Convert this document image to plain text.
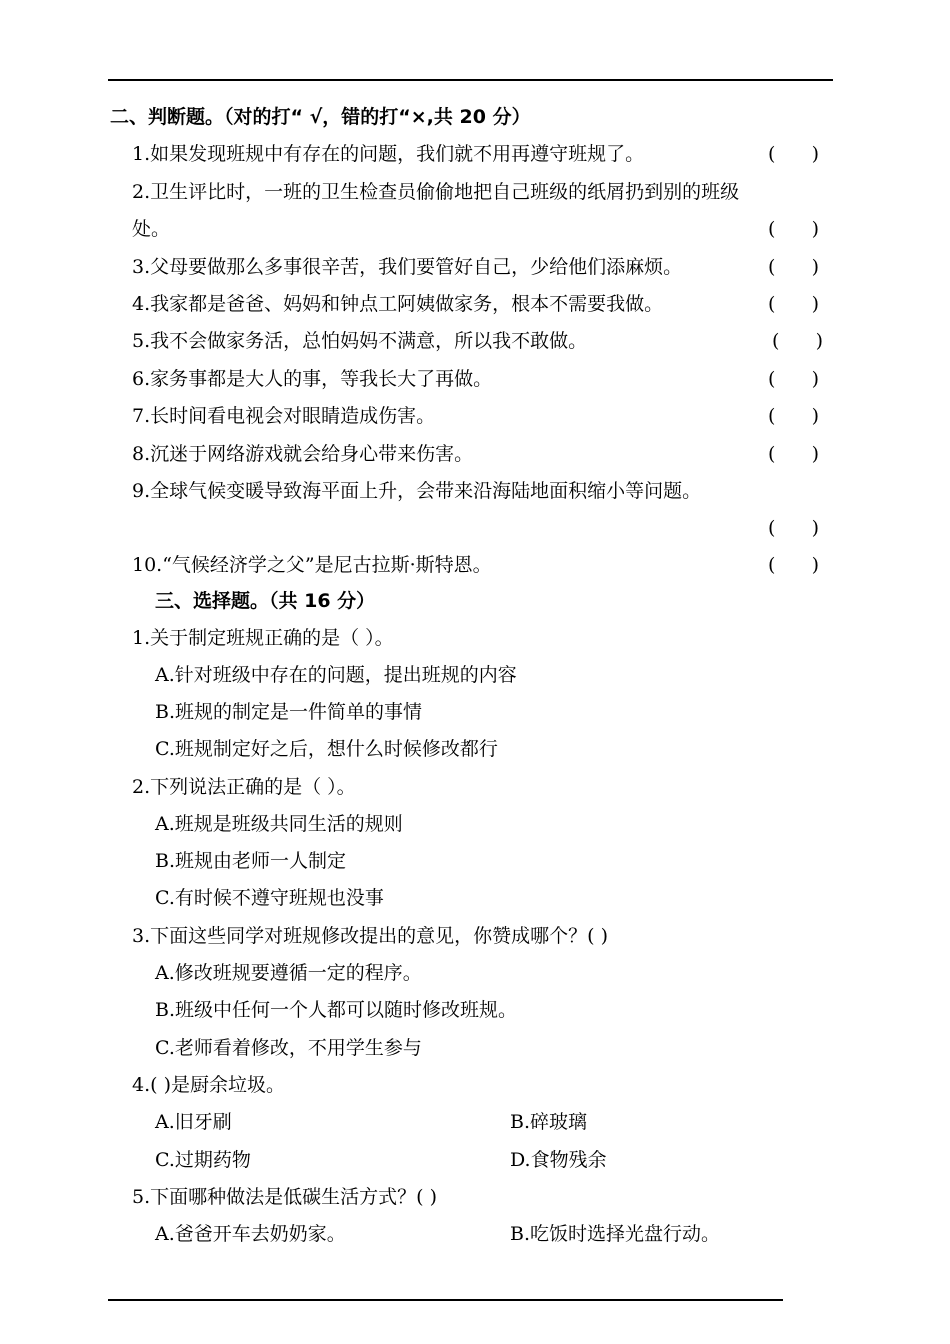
二、判断题。（对的打“ √，错的打“×,共 20 分）
1.如果发现班规中有存在的问题，我们就不用再遵守班规了。	(      )
2.卫生评比时，一班的卫生检查员偷偷地把自己班级的纸屑扔到别的班级
处。	(      )
3.父母要做那么多事很辛苦，我们要管好自己，少给他们添麻烦。	(      )
4.我家都是爸爸、妈妈和钟点工阿姨做家务，根本不需要我做。	(      )
5.我不会做家务活，总怕妈妈不满意，所以我不敢做。	(      )
6.家务事都是大人的事，等我长大了再做。	(      )
7.长时间看电视会对眼睛造成伤害。	(      )
8.沉迷于网络游戏就会给身心带来伤害。	(      )
9.全球气候变暖导致海平面上升，会带来沿海陆地面积缩小等问题。
(      )
10.“气候经济学之父”是尼古拉斯·斯特恩。	(      )
三、选择题。（共 16 分）
1.关于制定班规正确的是（ ）。
A.针对班级中存在的问题，提出班规的内容
B.班规的制定是一件简单的事情
C.班规制定好之后，想什么时候修改都行
2.下列说法正确的是（ ）。
A.班规是班级共同生活的规则
B.班规由老师一人制定
C.有时候不遵守班规也没事
3.下面这些同学对班规修改提出的意见，你赞成哪个？( )
A.修改班规要遵循一定的程序。
B.班级中任何一个人都可以随时修改班规。
C.老师看着修改，不用学生参与
4.( )是厨余垃圾。
A.旧牙刷	B.碎玻璃
C.过期药物	D.食物残余
5.下面哪种做法是低碳生活方式？( )
A.爸爸开车去奶奶家。	B.吃饭时选择光盘行动。
